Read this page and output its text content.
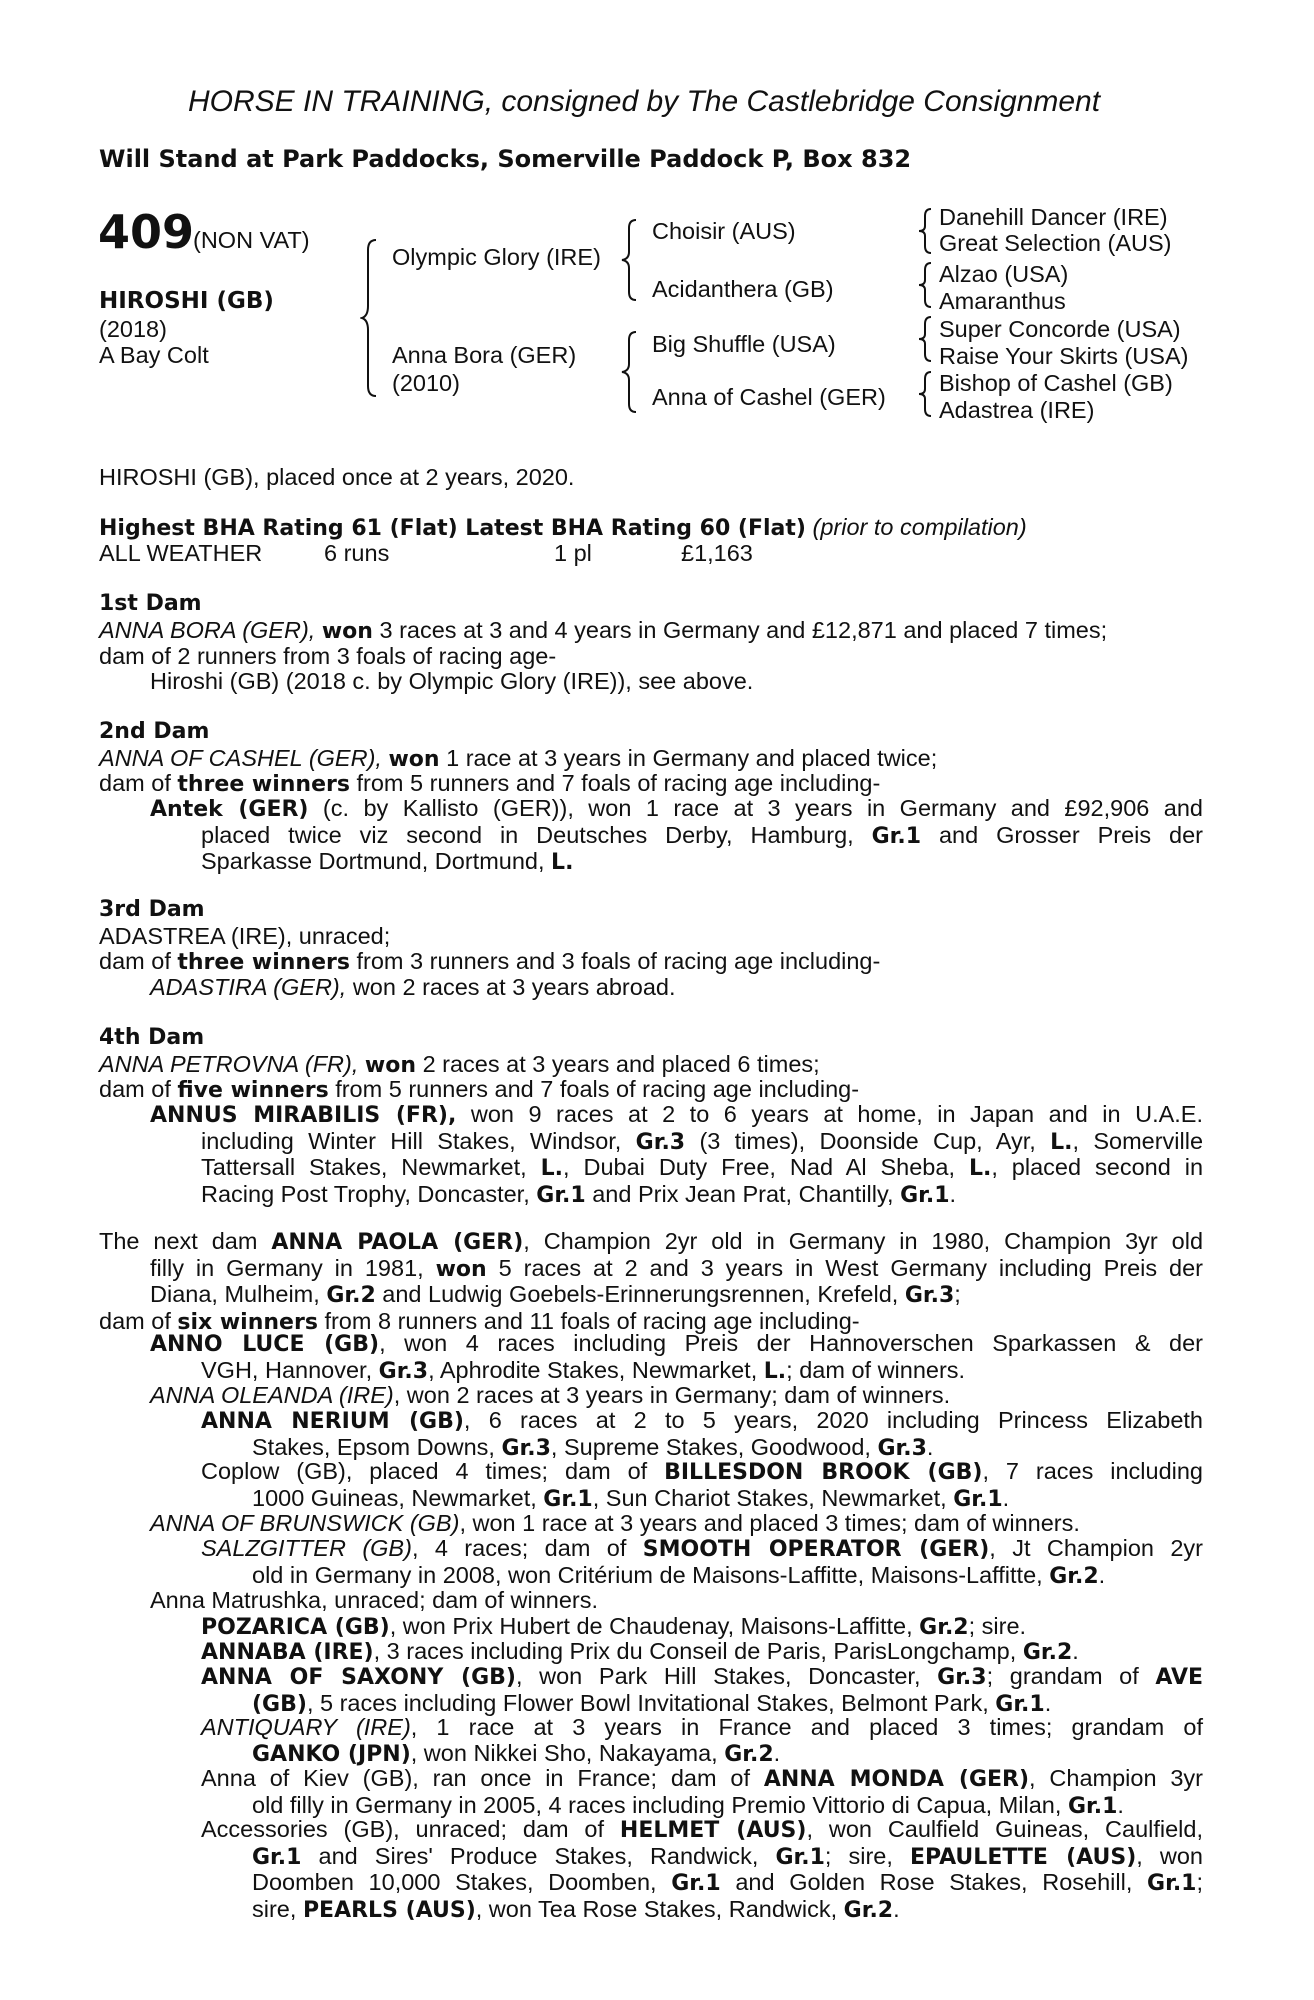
HORSE IN TRAINING, consigned by The Castlebridge Consignment
Will Stand at Park Paddocks, Somerville Paddock P, Box 832
409
(NON VAT)
HIROSHI (GB)
(2018)
A Bay Colt
Olympic Glory (IRE)
Anna Bora (GER)
(2010)
Choisir (AUS)
Acidanthera (GB)
Big Shuffle (USA)
Anna of Cashel (GER)
Danehill Dancer (IRE)
Great Selection (AUS)
Alzao (USA)
Amaranthus
Super Concorde (USA)
Raise Your Skirts (USA)
Bishop of Cashel (GB)
Adastrea (IRE)
HIROSHI (GB), placed once at 2 years, 2020.
Highest BHA Rating 61 (Flat) Latest BHA Rating 60 (Flat) (prior to compilation)
ALL WEATHER	6 runs	1 pl	£1,163
1st Dam
ANNA BORA (GER), won 3 races at 3 and 4 years in Germany and £12,871 and placed 7 times;
dam of 2 runners from 3 foals of racing age-
Hiroshi (GB) (2018 c. by Olympic Glory (IRE)), see above.
2nd Dam
ANNA OF CASHEL (GER), won 1 race at 3 years in Germany and placed twice;
dam of three winners from 5 runners and 7 foals of racing age including-
Antek (GER) (c. by Kallisto (GER)), won 1 race at 3 years in Germany and £92,906 and
placed twice viz second in Deutsches Derby, Hamburg, Gr.1 and Grosser Preis der
Sparkasse Dortmund, Dortmund, L.
3rd Dam
ADASTREA (IRE), unraced;
dam of three winners from 3 runners and 3 foals of racing age including-
ADASTIRA (GER), won 2 races at 3 years abroad.
4th Dam
ANNA PETROVNA (FR), won 2 races at 3 years and placed 6 times;
dam of five winners from 5 runners and 7 foals of racing age including-
ANNUS MIRABILIS (FR), won 9 races at 2 to 6 years at home, in Japan and in U.A.E.
including Winter Hill Stakes, Windsor, Gr.3 (3 times), Doonside Cup, Ayr, L., Somerville
Tattersall Stakes, Newmarket, L., Dubai Duty Free, Nad Al Sheba, L., placed second in
Racing Post Trophy, Doncaster, Gr.1 and Prix Jean Prat, Chantilly, Gr.1.
The next dam ANNA PAOLA (GER), Champion 2yr old in Germany in 1980, Champion 3yr old
filly in Germany in 1981, won 5 races at 2 and 3 years in West Germany including Preis der
Diana, Mulheim, Gr.2 and Ludwig Goebels-Erinnerungsrennen, Krefeld, Gr.3;
dam of six winners from 8 runners and 11 foals of racing age including-
ANNO LUCE (GB), won 4 races including Preis der Hannoverschen Sparkassen & der
VGH, Hannover, Gr.3, Aphrodite Stakes, Newmarket, L.; dam of winners.
ANNA OLEANDA (IRE), won 2 races at 3 years in Germany; dam of winners.
ANNA NERIUM (GB), 6 races at 2 to 5 years, 2020 including Princess Elizabeth
Stakes, Epsom Downs, Gr.3, Supreme Stakes, Goodwood, Gr.3.
Coplow (GB), placed 4 times; dam of BILLESDON BROOK (GB), 7 races including
1000 Guineas, Newmarket, Gr.1, Sun Chariot Stakes, Newmarket, Gr.1.
ANNA OF BRUNSWICK (GB), won 1 race at 3 years and placed 3 times; dam of winners.
SALZGITTER (GB), 4 races; dam of SMOOTH OPERATOR (GER), Jt Champion 2yr
old in Germany in 2008, won Critérium de Maisons-Laffitte, Maisons-Laffitte, Gr.2.
Anna Matrushka, unraced; dam of winners.
POZARICA (GB), won Prix Hubert de Chaudenay, Maisons-Laffitte, Gr.2; sire.
ANNABA (IRE), 3 races including Prix du Conseil de Paris, ParisLongchamp, Gr.2.
ANNA OF SAXONY (GB), won Park Hill Stakes, Doncaster, Gr.3; grandam of AVE
(GB), 5 races including Flower Bowl Invitational Stakes, Belmont Park, Gr.1.
ANTIQUARY (IRE), 1 race at 3 years in France and placed 3 times; grandam of
GANKO (JPN), won Nikkei Sho, Nakayama, Gr.2.
Anna of Kiev (GB), ran once in France; dam of ANNA MONDA (GER), Champion 3yr
old filly in Germany in 2005, 4 races including Premio Vittorio di Capua, Milan, Gr.1.
Accessories (GB), unraced; dam of HELMET (AUS), won Caulfield Guineas, Caulfield,
Gr.1 and Sires' Produce Stakes, Randwick, Gr.1; sire, EPAULETTE (AUS), won
Doomben 10,000 Stakes, Doomben, Gr.1 and Golden Rose Stakes, Rosehill, Gr.1;
sire, PEARLS (AUS), won Tea Rose Stakes, Randwick, Gr.2.
